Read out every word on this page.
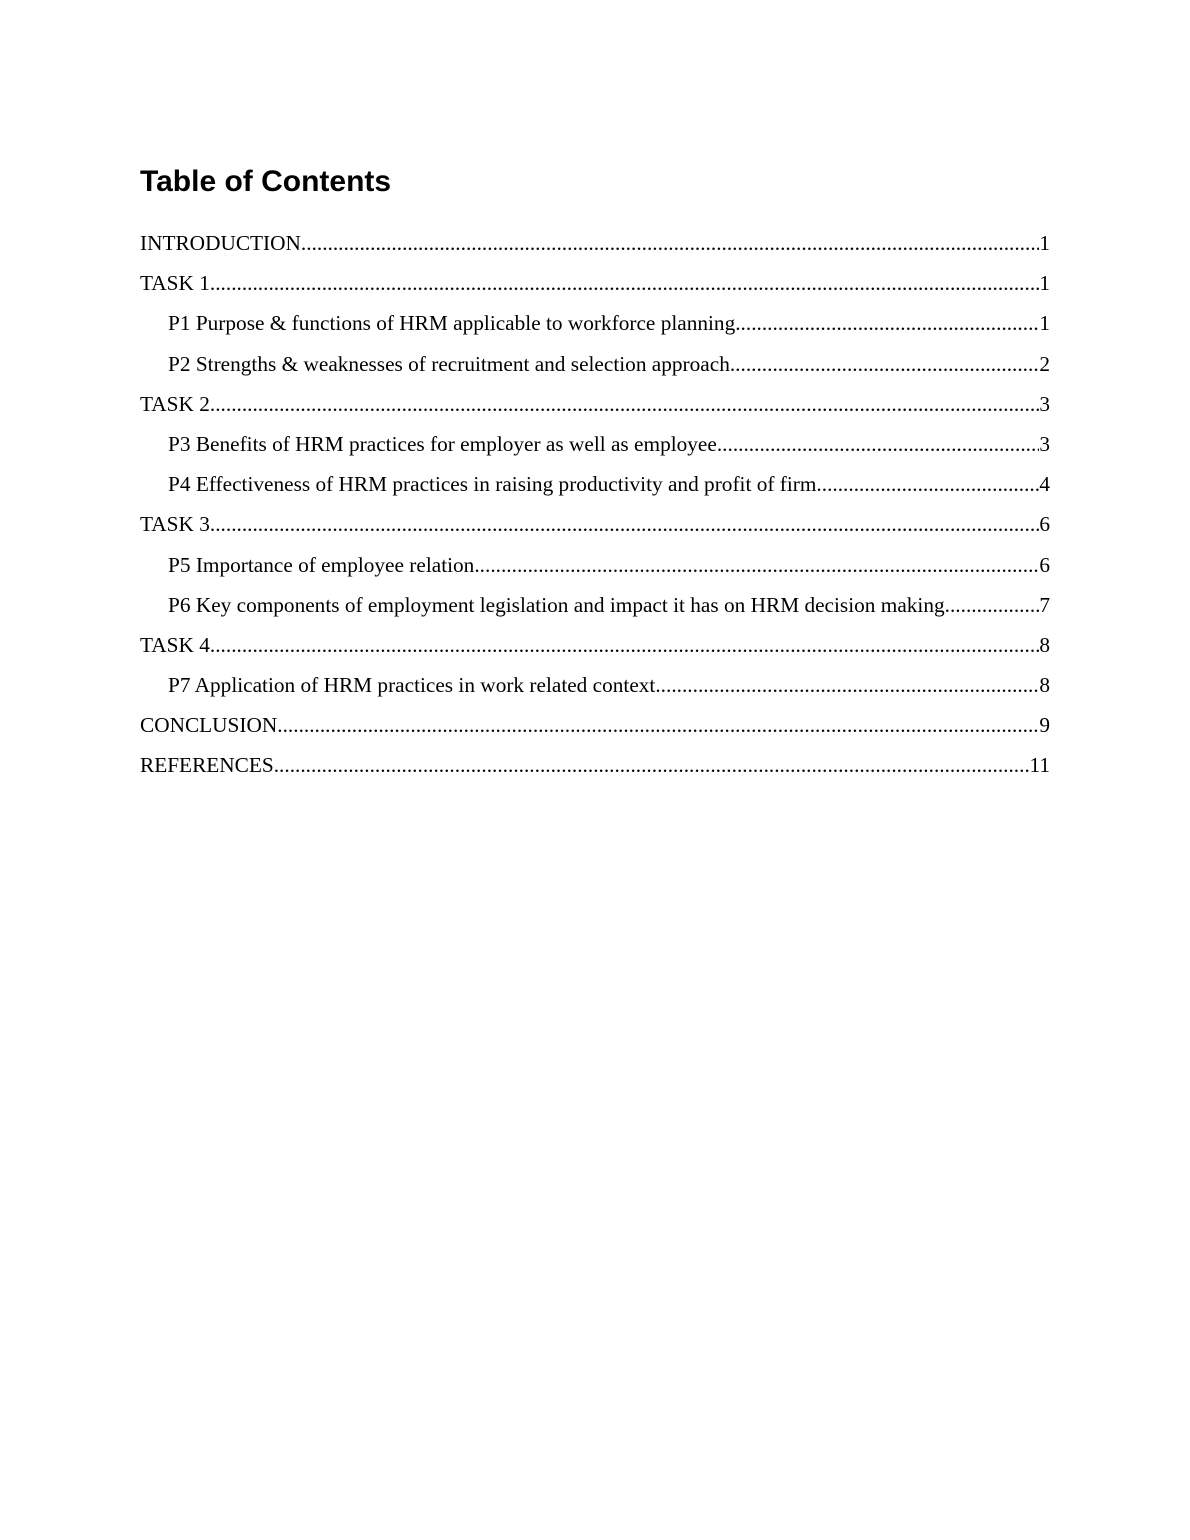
Table of Contents
INTRODUCTION .....	1
TASK 1 .....	1
P1 Purpose & functions of HRM applicable to workforce planning .....	1
P2 Strengths & weaknesses of recruitment and selection approach .....	2
TASK 2 .....	3
P3 Benefits of HRM practices for employer as well as employee .....	3
P4 Effectiveness of HRM practices in raising productivity and profit of firm .....	4
TASK 3 .....	6
P5 Importance of employee relation .....	6
P6 Key components of employment legislation and impact it has on HRM decision making .....	7
TASK 4 .....	8
P7 Application of HRM practices in work related context .....	8
CONCLUSION .....	9
REFERENCES .....	11
